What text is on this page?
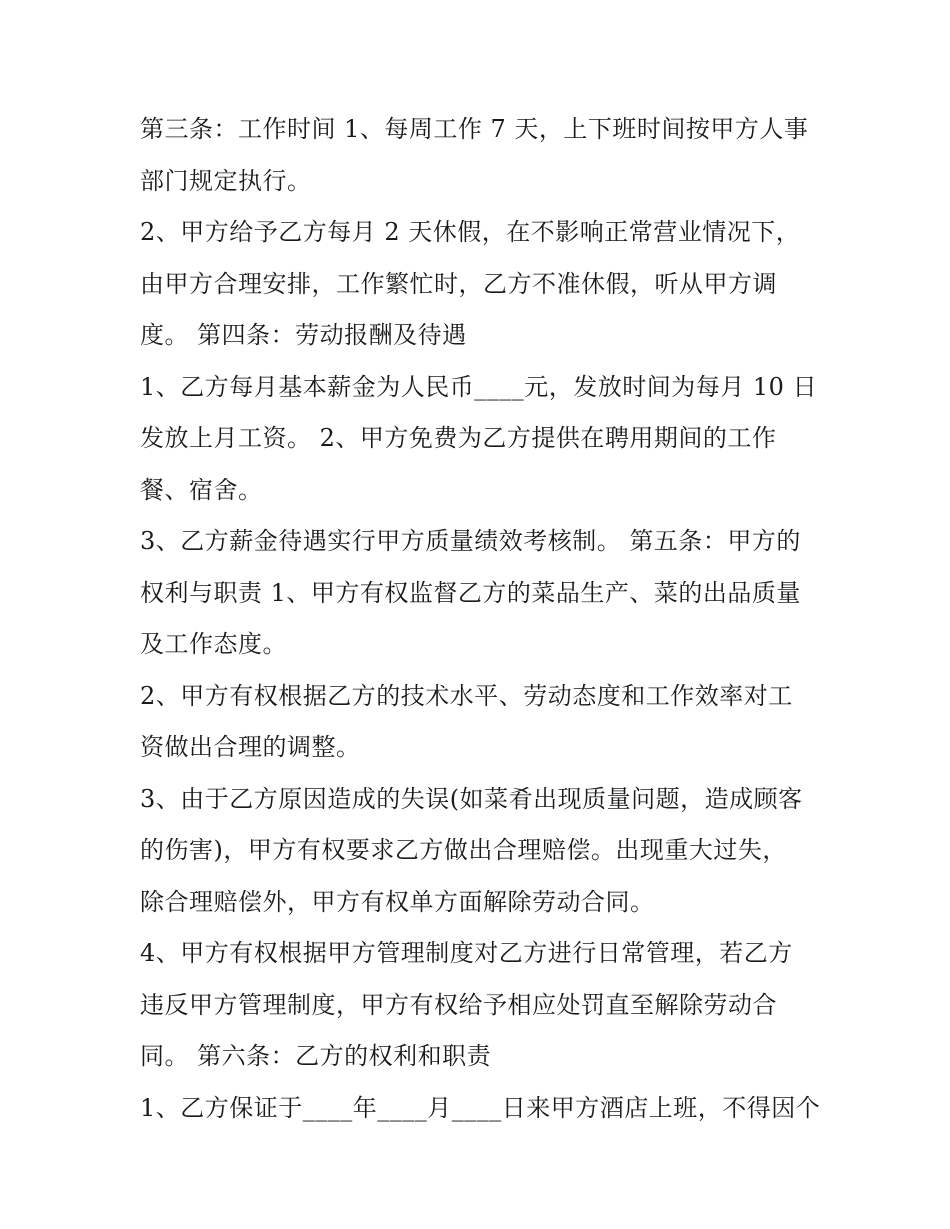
第三条：工作时间 1、每周工作 7 天，上下班时间按甲方人事
部门规定执行。
2、甲方给予乙方每月 2 天休假，在不影响正常营业情况下，
由甲方合理安排，工作繁忙时，乙方不准休假，听从甲方调
度。 第四条：劳动报酬及待遇
1、乙方每月基本薪金为人民币____元，发放时间为每月 10 日
发放上月工资。 2、甲方免费为乙方提供在聘用期间的工作
餐、宿舍。
3、乙方薪金待遇实行甲方质量绩效考核制。 第五条：甲方的
权利与职责 1、甲方有权监督乙方的菜品生产、菜的出品质量
及工作态度。
2、甲方有权根据乙方的技术水平、劳动态度和工作效率对工
资做出合理的调整。
3、由于乙方原因造成的失误(如菜肴出现质量问题，造成顾客
的伤害)，甲方有权要求乙方做出合理赔偿。出现重大过失，
除合理赔偿外，甲方有权单方面解除劳动合同。
4、甲方有权根据甲方管理制度对乙方进行日常管理，若乙方
违反甲方管理制度，甲方有权给予相应处罚直至解除劳动合
同。 第六条：乙方的权利和职责
1、乙方保证于____年____月____日来甲方酒店上班，不得因个
